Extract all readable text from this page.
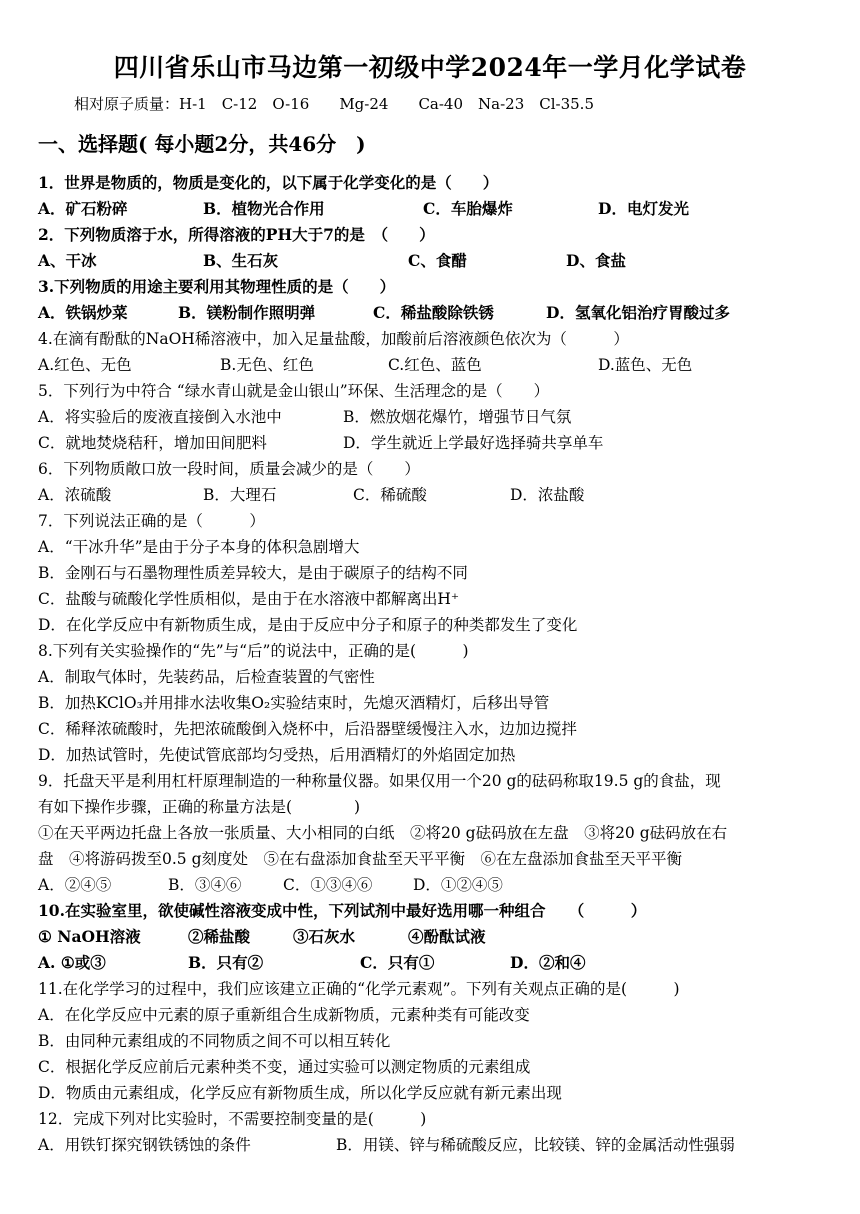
四川省乐山市马边第一初级中学2024年一学月化学试卷
相对原子质量：H-1　C-12　O-16　　Mg-24　　Ca-40　Na-23　Cl-35.5
一、选择题( 每小题2分，共46分　)
1．世界是物质的，物质是变化的，以下属于化学变化的是（　　）
A．矿石粉碎	B．植物光合作用	C．车胎爆炸	D．电灯发光
2．下列物质溶于水，所得溶液的PH大于7的是　（　　）
A、干冰	B、生石灰	C、食醋	D、食盐
3.下列物质的用途主要利用其物理性质的是（　　）
A．铁锅炒菜	B．镁粉制作照明弹	C．稀盐酸除铁锈	D．氢氧化铝治疗胃酸过多
4.在滴有酚酞的NaOH稀溶液中，加入足量盐酸，加酸前后溶液颜色依次为（　　　）
A.红色、无色	B.无色、红色	C.红色、蓝色	D.蓝色、无色
5．下列行为中符合 “绿水青山就是金山银山”环保、生活理念的是（　　）
A．将实验后的废液直接倒入水池中	B．燃放烟花爆竹，增强节日气氛
C．就地焚烧秸秆，增加田间肥料	D．学生就近上学最好选择骑共享单车
6．下列物质敞口放一段时间，质量会减少的是（　　）
A．浓硫酸	B．大理石	C．稀硫酸	D．浓盐酸
7．下列说法正确的是（　　　）
A．“干冰升华”是由于分子本身的体积急剧增大
B．金刚石与石墨物理性质差异较大，是由于碳原子的结构不同
C．盐酸与硫酸化学性质相似，是由于在水溶液中都解离出H⁺
D．在化学反应中有新物质生成，是由于反应中分子和原子的种类都发生了变化
8.下列有关实验操作的“先”与“后”的说法中，正确的是(　　　)
A．制取气体时，先装药品，后检查装置的气密性
B．加热KClO₃并用排水法收集O₂实验结束时，先熄灭酒精灯，后移出导管
C．稀释浓硫酸时，先把浓硫酸倒入烧杯中，后沿器壁缓慢注入水，边加边搅拌
D．加热试管时，先使试管底部均匀受热，后用酒精灯的外焰固定加热
9．托盘天平是利用杠杆原理制造的一种称量仪器。如果仅用一个20 g的砝码称取19.5 g的食盐，现
有如下操作步骤，正确的称量方法是(　　　　)
①在天平两边托盘上各放一张质量、大小相同的白纸　②将20 g砝码放在左盘　③将20 g砝码放在右
盘　④将游码拨至0.5 g刻度处　⑤在右盘添加食盐至天平平衡　⑥在左盘添加食盐至天平平衡
A．②④⑤	B．③④⑥	C．①③④⑥	D．①②④⑤
10.在实验室里，欲使碱性溶液变成中性，下列试剂中最好选用哪一种组合　　（　　　）
① NaOH溶液	②稀盐酸	③石灰水	④酚酞试液
A. ①或③	B．只有②	C．只有①	D．②和④
11.在化学学习的过程中，我们应该建立正确的“化学元素观”。下列有关观点正确的是(　　　)
A．在化学反应中元素的原子重新组合生成新物质，元素种类有可能改变
B．由同种元素组成的不同物质之间不可以相互转化
C．根据化学反应前后元素种类不变，通过实验可以测定物质的元素组成
D．物质由元素组成，化学反应有新物质生成，所以化学反应就有新元素出现
12．完成下列对比实验时，不需要控制变量的是(　　　)
A．用铁钉探究钢铁锈蚀的条件	B．用镁、锌与稀硫酸反应，比较镁、锌的金属活动性强弱
